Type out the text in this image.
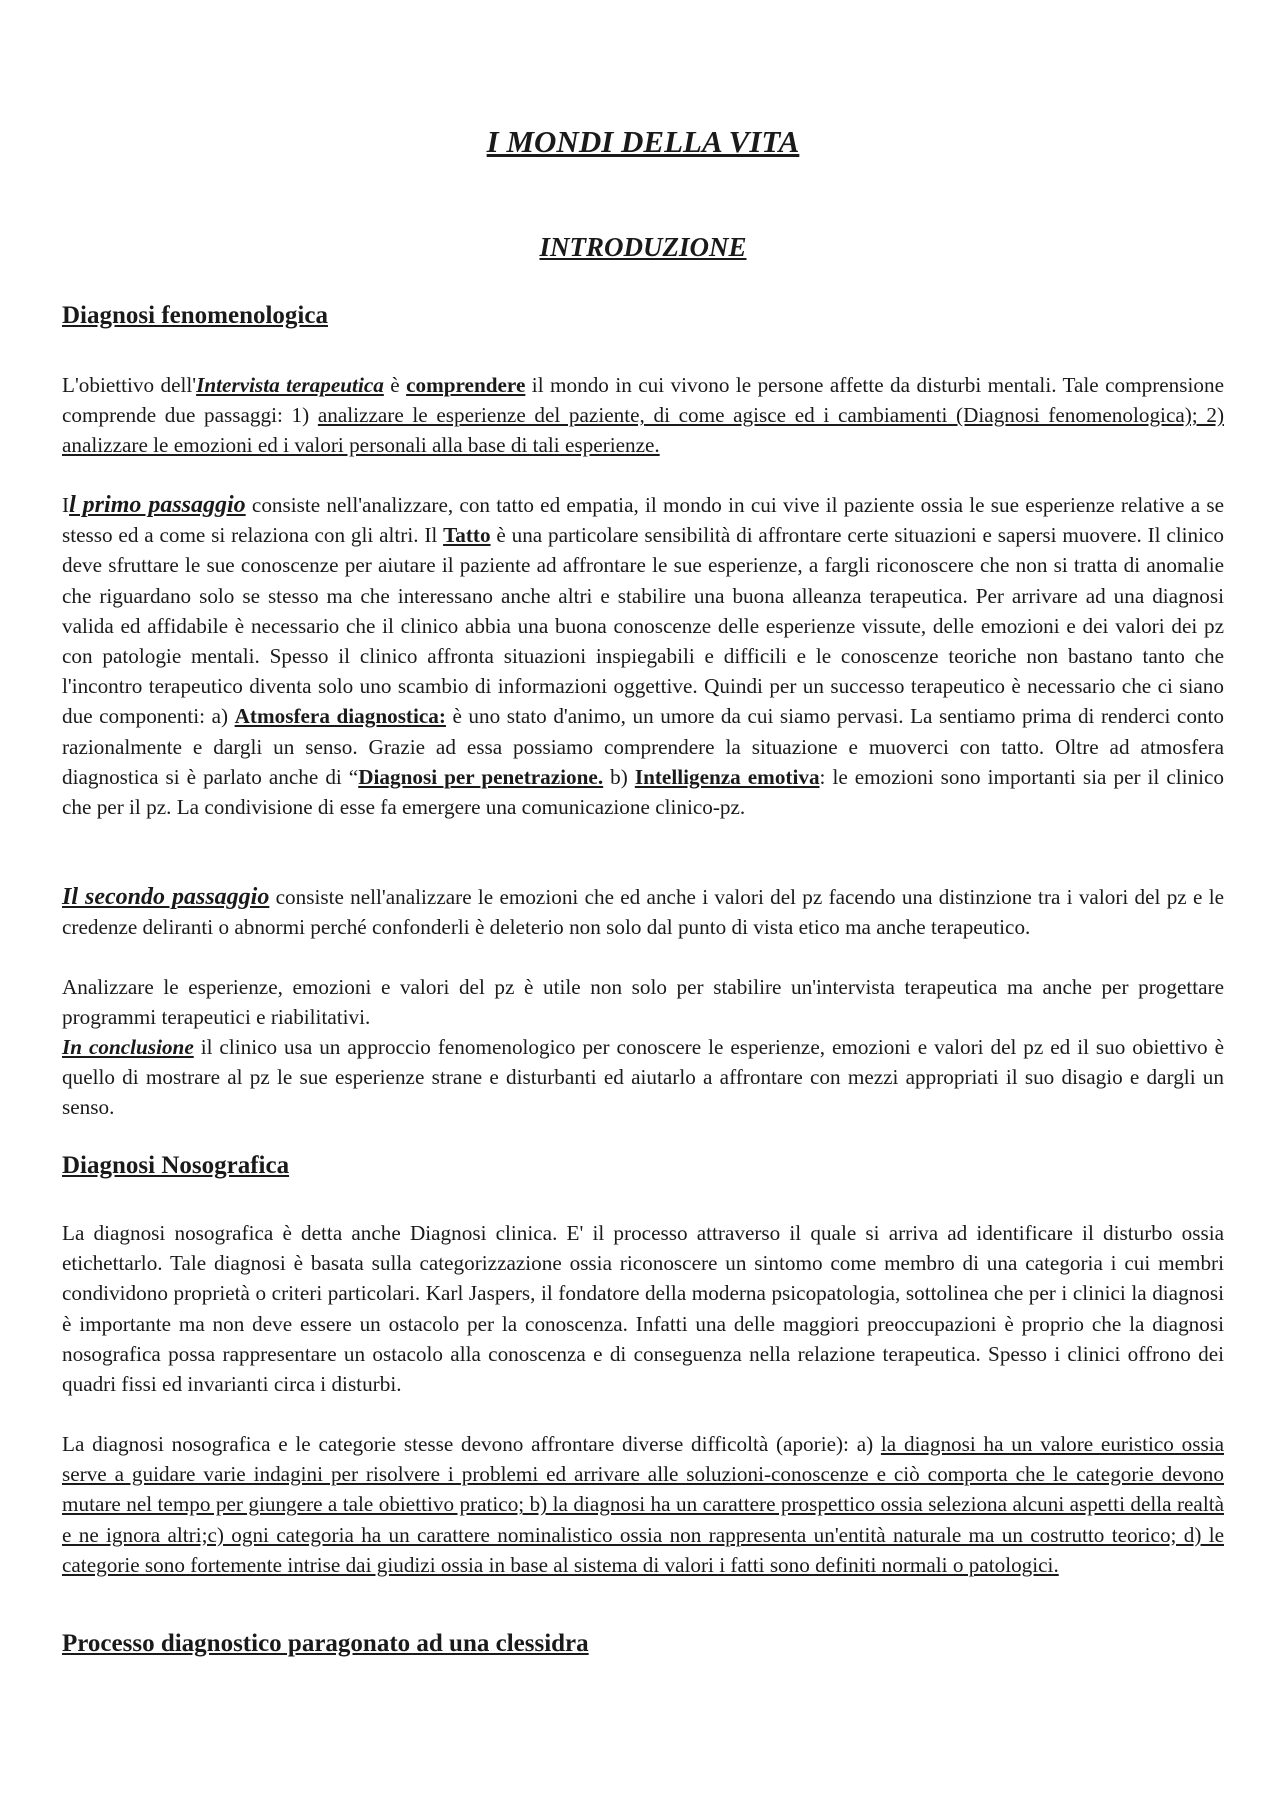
I MONDI DELLA VITA
INTRODUZIONE
Diagnosi fenomenologica

L'obiettivo dell'Intervista terapeutica è comprendere il mondo in cui vivono le persone affette da disturbi mentali. Tale comprensione comprende due passaggi: 1) analizzare le esperienze del paziente, di come agisce ed i cambiamenti (Diagnosi fenomenologica); 2) analizzare le emozioni ed i valori personali alla base di tali esperienze.

Il primo passaggio consiste nell'analizzare, con tatto ed empatia, il mondo in cui vive il paziente ossia le sue esperienze relative a se stesso ed a come si relaziona con gli altri. Il Tatto è una particolare sensibilità di affrontare certe situazioni e sapersi muovere. Il clinico deve sfruttare le sue conoscenze per aiutare il paziente ad affrontare le sue esperienze, a fargli riconoscere che non si tratta di anomalie che riguardano solo se stesso ma che interessano anche altri e stabilire una buona alleanza terapeutica. Per arrivare ad una diagnosi valida ed affidabile è necessario che il clinico abbia una buona conoscenze delle esperienze vissute, delle emozioni e dei valori dei pz con patologie mentali. Spesso il clinico affronta situazioni inspiegabili e difficili e le conoscenze teoriche non bastano tanto che l'incontro terapeutico diventa solo uno scambio di informazioni oggettive. Quindi per un successo terapeutico è necessario che ci siano due componenti: a) Atmosfera diagnostica: è uno stato d'animo, un umore da cui siamo pervasi. La sentiamo prima di renderci conto razionalmente e dargli un senso. Grazie ad essa possiamo comprendere la situazione e muoverci con tatto. Oltre ad atmosfera diagnostica si è parlato anche di “Diagnosi per penetrazione. b) Intelligenza emotiva: le emozioni sono importanti sia per il clinico che per il pz. La condivisione di esse fa emergere una comunicazione clinico-pz.

Il secondo passaggio consiste nell'analizzare le emozioni che ed anche i valori del pz facendo una distinzione tra i valori del pz e le credenze deliranti o abnormi perché confonderli è deleterio non solo dal punto di vista etico ma anche terapeutico.

Analizzare le esperienze, emozioni e valori del pz è utile non solo per stabilire un'intervista terapeutica ma anche per progettare programmi terapeutici e riabilitativi.

In conclusione il clinico usa un approccio fenomenologico per conoscere le esperienze, emozioni e valori del pz ed il suo obiettivo è quello di mostrare al pz le sue esperienze strane e disturbanti ed aiutarlo a affrontare con mezzi appropriati il suo disagio e dargli un senso.

Diagnosi Nosografica

La diagnosi nosografica è detta anche Diagnosi clinica. E' il processo attraverso il quale si arriva ad identificare il disturbo ossia etichettarlo. Tale diagnosi è basata sulla categorizzazione ossia riconoscere un sintomo come membro di una categoria i cui membri condividono proprietà o criteri particolari. Karl Jaspers, il fondatore della moderna psicopatologia, sottolinea che per i clinici la diagnosi è importante ma non deve essere un ostacolo per la conoscenza. Infatti una delle maggiori preoccupazioni è proprio che la diagnosi nosografica possa rappresentare un ostacolo alla conoscenza e di conseguenza nella relazione terapeutica. Spesso i clinici offrono dei quadri fissi ed invarianti circa i disturbi.

La diagnosi nosografica e le categorie stesse devono affrontare diverse difficoltà (aporie): a) la diagnosi ha un valore euristico ossia serve a guidare varie indagini per risolvere i problemi ed arrivare alle soluzioni-conoscenze e ciò comporta che le categorie devono mutare nel tempo per giungere a tale obiettivo pratico; b) la diagnosi ha un carattere prospettico ossia seleziona alcuni aspetti della realtà e ne ignora altri;c) ogni categoria ha un carattere nominalistico ossia non rappresenta un'entità naturale ma un costrutto teorico; d) le categorie sono fortemente intrise dai giudizi ossia in base al sistema di valori i fatti sono definiti normali o patologici.

Processo diagnostico paragonato ad una clessidra
